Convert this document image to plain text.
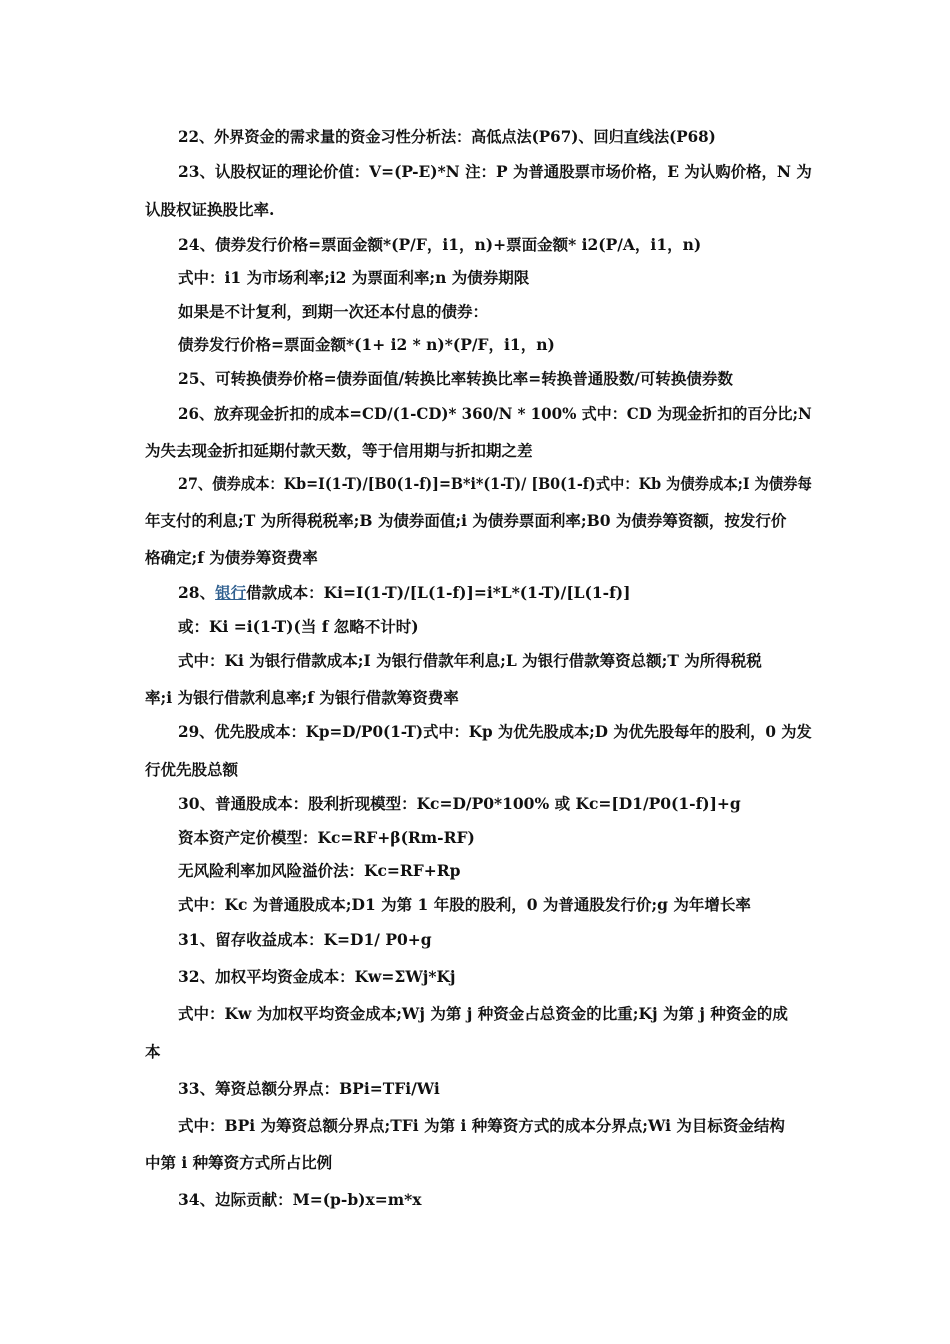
22、外界资金的需求量的资金习性分析法：高低点法(P67)、回归直线法(P68)
23、认股权证的理论价值：V=(P-E)*N 注：P 为普通股票市场价格，E 为认购价格，N 为
认股权证换股比率.
24、债券发行价格=票面金额*(P/F，i1，n)+票面金额* i2(P/A，i1，n)
式中：i1 为市场利率;i2 为票面利率;n 为债券期限
如果是不计复利，到期一次还本付息的债券：
债券发行价格=票面金额*(1+ i2 * n)*(P/F，i1，n)
25、可转换债券价格=债券面值/转换比率转换比率=转换普通股数/可转换债券数
26、放弃现金折扣的成本=CD/(1-CD)* 360/N * 100% 式中：CD 为现金折扣的百分比;N
为失去现金折扣延期付款天数，等于信用期与折扣期之差
27、债券成本：Kb=I(1-T)/[B0(1-f)]=B*i*(1-T)/ [B0(1-f)式中：Kb 为债券成本;I 为债券每
年支付的利息;T 为所得税税率;B 为债券面值;i 为债券票面利率;B0 为债券筹资额，按发行价
格确定;f 为债券筹资费率
28、银行借款成本：Ki=I(1-T)/[L(1-f)]=i*L*(1-T)/[L(1-f)]
或：Ki =i(1-T)(当 f 忽略不计时)
式中：Ki 为银行借款成本;I 为银行借款年利息;L 为银行借款筹资总额;T 为所得税税
率;i 为银行借款利息率;f 为银行借款筹资费率
29、优先股成本：Kp=D/P0(1-T)式中：Kp 为优先股成本;D 为优先股每年的股利，0 为发
行优先股总额
30、普通股成本：股利折现模型：Kc=D/P0*100% 或 Kc=[D1/P0(1-f)]+g
资本资产定价模型：Kc=RF+β(Rm-RF)
无风险利率加风险溢价法：Kc=RF+Rp
式中：Kc 为普通股成本;D1 为第 1 年股的股利，0 为普通股发行价;g 为年增长率
31、留存收益成本：K=D1/ P0+g
32、加权平均资金成本：Kw=ΣWj*Kj
式中：Kw 为加权平均资金成本;Wj 为第 j 种资金占总资金的比重;Kj 为第 j 种资金的成
本
33、筹资总额分界点：BPi=TFi/Wi
式中：BPi 为筹资总额分界点;TFi 为第 i 种筹资方式的成本分界点;Wi 为目标资金结构
中第 i 种筹资方式所占比例
34、边际贡献：M=(p-b)x=m*x
